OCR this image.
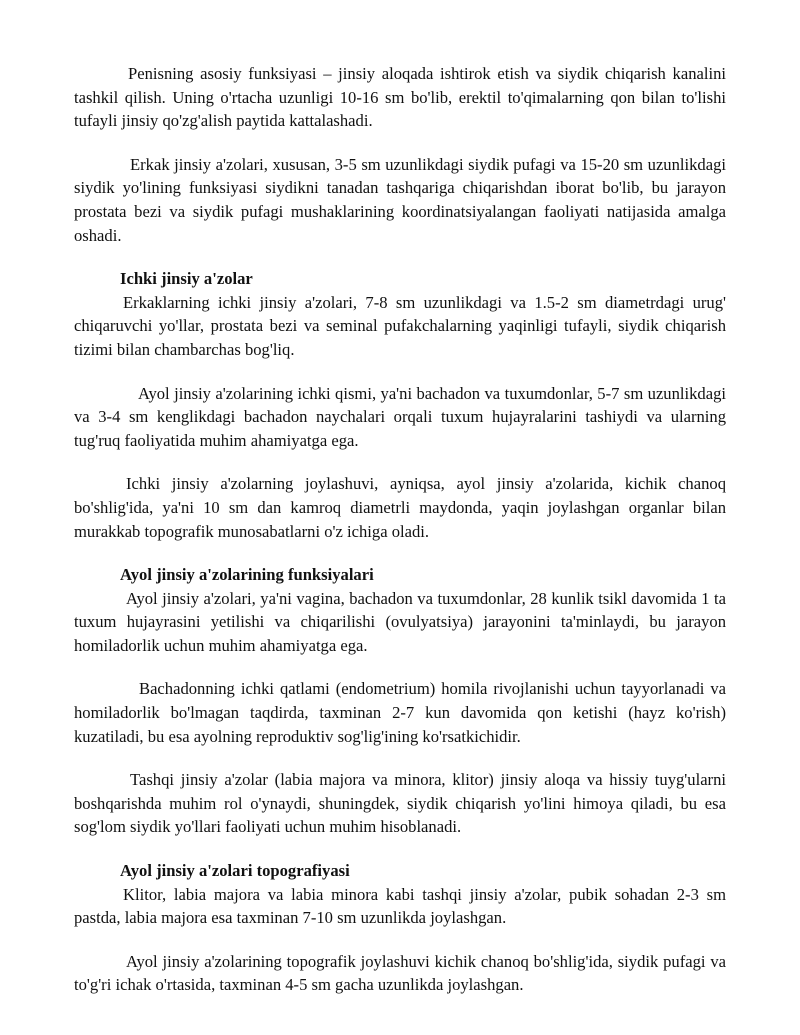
Penisning asosiy funksiyasi – jinsiy aloqada ishtirok etish va siydik chiqarish kanalini tashkil qilish. Uning o'rtacha uzunligi 10-16 sm bo'lib, erektil to'qimalarning qon bilan to'lishi tufayli jinsiy qo'zg'alish paytida kattalashadi.

Erkak jinsiy a'zolari, xususan, 3-5 sm uzunlikdagi siydik pufagi va 15-20 sm uzunlikdagi siydik yo'lining funksiyasi siydikni tanadan tashqariga chiqarishdan iborat bo'lib, bu jarayon prostata bezi va siydik pufagi mushaklarining koordinatsiyalangan faoliyati natijasida amalga oshadi.

Ichki jinsiy a'zolar

Erkaklarning ichki jinsiy a'zolari, 7-8 sm uzunlikdagi va 1.5-2 sm diametrdagi urug' chiqaruvchi yo'llar, prostata bezi va seminal pufakchalarning yaqinligi tufayli, siydik chiqarish tizimi bilan chambarchas bog'liq.

Ayol jinsiy a'zolarining ichki qismi, ya'ni bachadon va tuxumdonlar, 5-7 sm uzunlikdagi va 3-4 sm kenglikdagi bachadon naychalari orqali tuxum hujayralarini tashiydi va ularning tug'ruq faoliyatida muhim ahamiyatga ega.

Ichki jinsiy a'zolarning joylashuvi, ayniqsa, ayol jinsiy a'zolarida, kichik chanoq bo'shlig'ida, ya'ni 10 sm dan kamroq diametrli maydonda, yaqin joylashgan organlar bilan murakkab topografik munosabatlarni o'z ichiga oladi.

Ayol jinsiy a'zolarining funksiyalari

Ayol jinsiy a'zolari, ya'ni vagina, bachadon va tuxumdonlar, 28 kunlik tsikl davomida 1 ta tuxum hujayrasini yetilishi va chiqarilishi (ovulyatsiya) jarayonini ta'minlaydi, bu jarayon homiladorlik uchun muhim ahamiyatga ega.

Bachadonning ichki qatlami (endometrium) homila rivojlanishi uchun tayyorlanadi va homiladorlik bo'lmagan taqdirda, taxminan 2-7 kun davomida qon ketishi (hayz ko'rish) kuzatiladi, bu esa ayolning reproduktiv sog'lig'ining ko'rsatkichidir.

Tashqi jinsiy a'zolar (labia majora va minora, klitor) jinsiy aloqa va hissiy tuyg'ularni boshqarishda muhim rol o'ynaydi, shuningdek, siydik chiqarish yo'lini himoya qiladi, bu esa sog'lom siydik yo'llari faoliyati uchun muhim hisoblanadi.

Ayol jinsiy a'zolari topografiyasi

Klitor, labia majora va labia minora kabi tashqi jinsiy a'zolar, pubik sohadan 2-3 sm pastda, labia majora esa taxminan 7-10 sm uzunlikda joylashgan.

Ayol jinsiy a'zolarining topografik joylashuvi kichik chanoq bo'shlig'ida, siydik pufagi va to'g'ri ichak o'rtasida, taxminan 4-5 sm gacha uzunlikda joylashgan.
